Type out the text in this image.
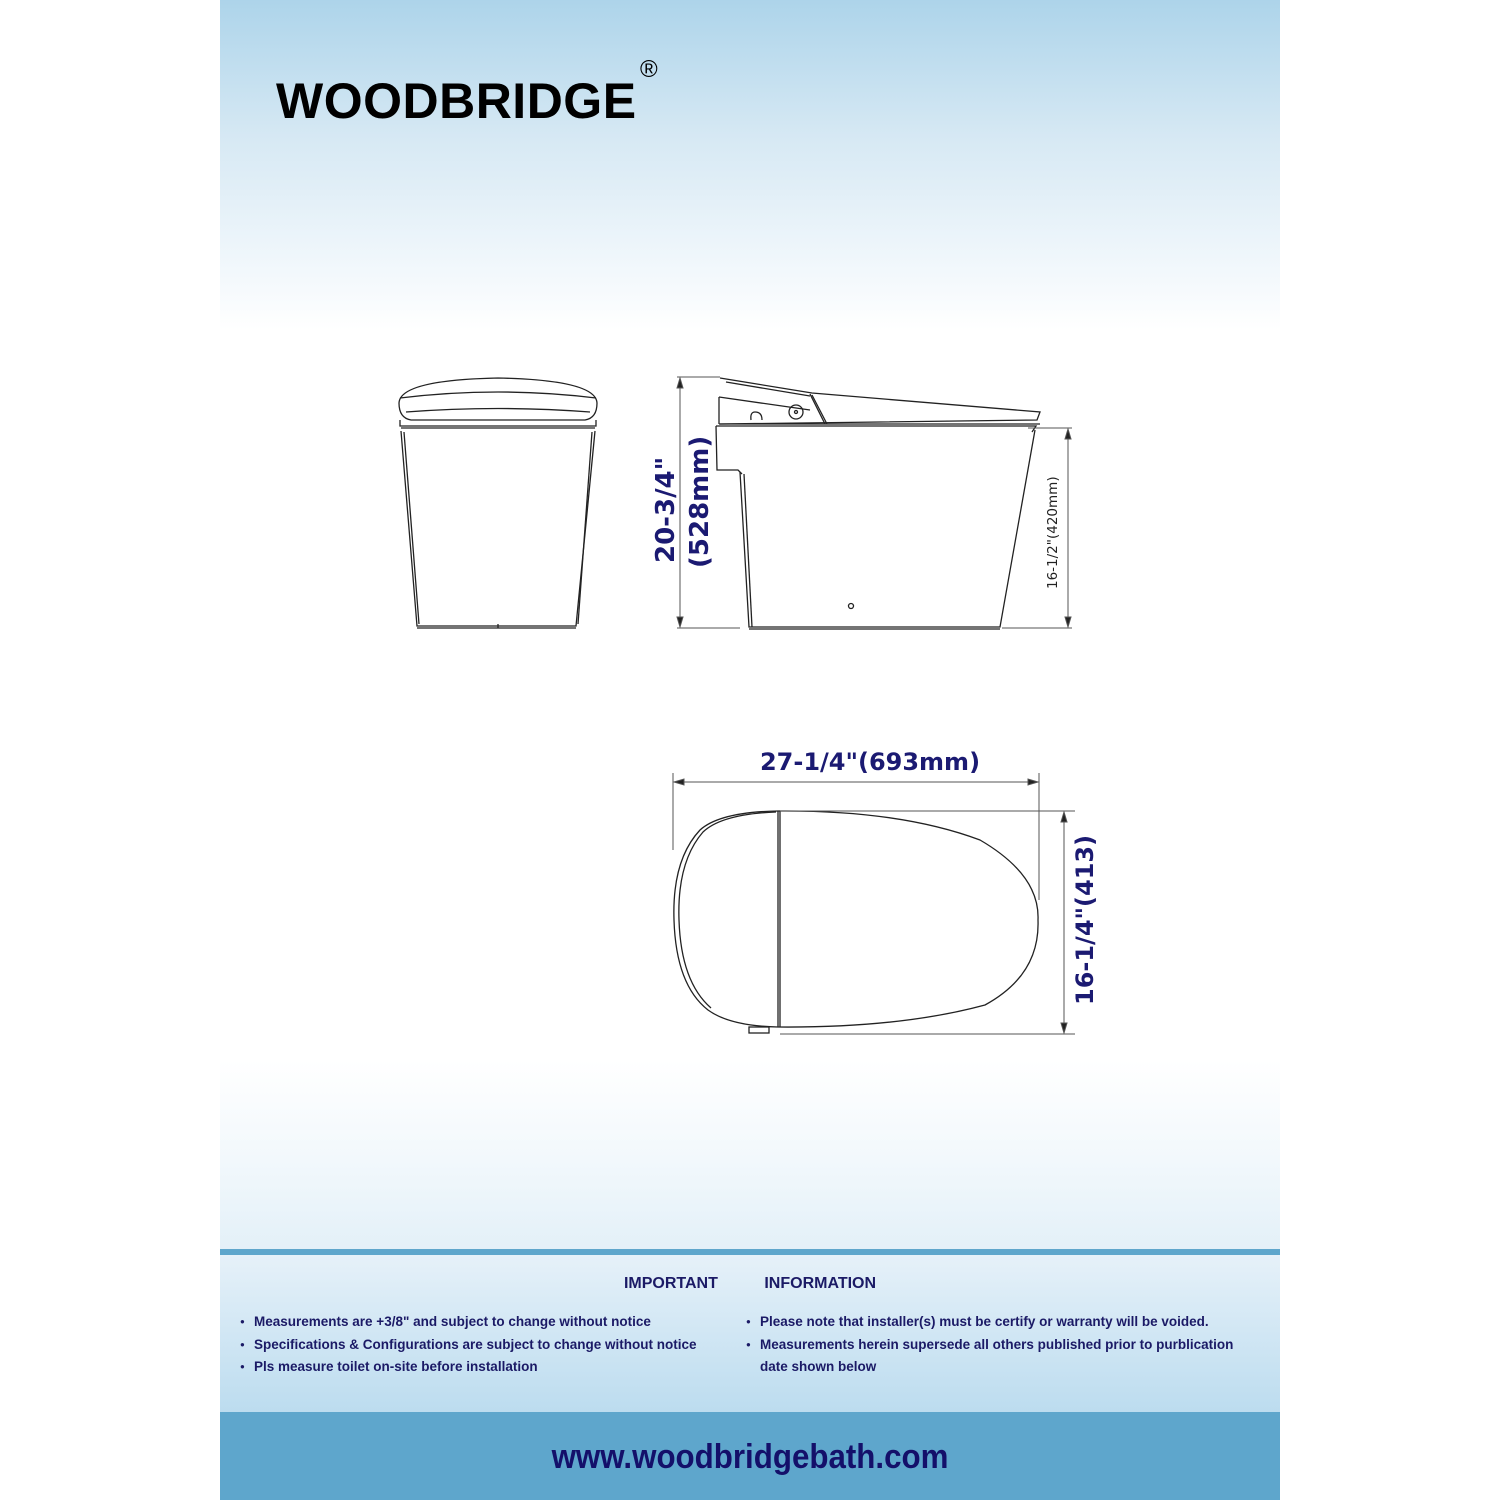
WOODBRIDGE
®
20-3/4" (528mm)	16-1/2"(420mm)
27-1/4"(693mm)
16-1/4"(413)
IMPORTANT	INFORMATION
● Measurements are +3/8" and subject to change without notice
● Specifications & Configurations are subject to change without notice
● Pls measure toilet on-site before installation
● Please note that installer(s) must be certify or warranty will be voided.
● Measurements herein supersede all others published prior to purblication
date shown below
www.woodbridgebath.com
